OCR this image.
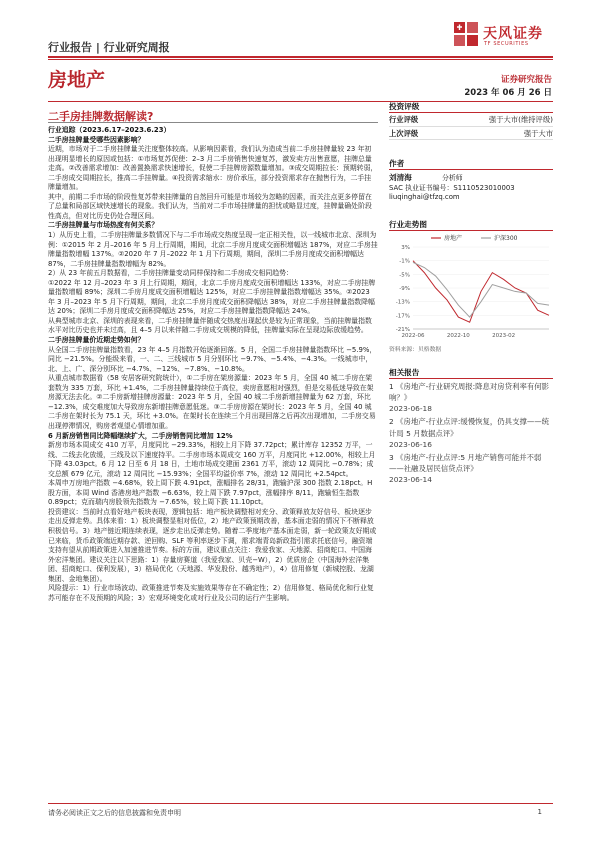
天风证券
TF SECURITIES
行业报告 | 行业研究周报
房地产	证券研究报告
2023 年 06 月 26 日
二手房挂牌数据解读?

行业追踪（2023.6.17–2023.6.23）

二手房挂牌量受哪些因素影响？

近期，市场对于二手房挂牌量关注度整体较高。从影响因素看，我们认为造成当前二手房挂牌量较 23 年初出现明显增长的原因或包括：①市场复苏促使：2–3 月二手房销售快速复苏，激发卖方出售意愿，挂牌总量走高。②改善需求增加：改善置换需求快速增长，促使二手挂牌房源数量增加。③成交周期拉长：预期转弱，二手房成交周期拉长，推高二手挂牌量。④投资需求缩水：房价承压，部分投资需求存在抛售行为，二手挂牌量增加。

其中，前期二手市场的阶段性复苏带来挂牌量的自然回升可能是市场较为忽略的因素，而关注点更多停留在了总量和局部区域快速增长的现象。我们认为，当前对二手市场挂牌量的担忧或略显过度，挂牌量确处阶段性高点，但对比历史仍处合理区间。

二手房挂牌量与市场热度有何关系？

1）从历史上看，二手房挂牌量多数情况下与二手市场成交热度呈现一定正相关性，以一线城市北京、深圳为例：①2015 年 2 月–2016 年 5 月上行周期，期间，北京二手房月度成交面积增幅达 187%，对应二手房挂牌量指数增幅 137%。②2020 年 7 月–2022 年 1 月下行周期，期间，深圳二手房月度成交面积增幅达 87%，二手房挂牌量指数增幅为 82%。

2）从 23 年前五月数据看，二手房挂牌量变动同样保持和二手房成交相同趋势：

①2022 年 12 月–2023 年 3 月上行周期，期间，北京二手房月度成交面积增幅达 133%，对应二手房挂牌量指数增幅 89%；深圳二手房月度成交面积增幅达 125%，对应二手房挂牌量指数增幅达 35%。②2023 年 3 月–2023 年 5 月下行周期，期间，北京二手房月度成交面积降幅达 38%，对应二手房挂牌量指数降幅达 20%；深圳二手房月度成交面积降幅达 25%，对应二手房挂牌量指数降幅达 24%。

从典型城市北京、深圳的表现来看，二手房挂牌量伴随成交热度出现起伏是较为正常现象，当前挂牌量指数水平对比历史也并未过高，且 4–5 月以来伴随二手房成交规模的降低，挂牌量实际在呈现边际放缓趋势。

二手房挂牌量价近期走势如何？

从全国二手房挂牌量指数看，23 年 4–5 月指数开始逐渐回落。5 月，全国二手房挂牌量指数环比 −5.9%，同比 −21.5%。分能级来看，一、二、三线城市 5 月分别环比 −9.7%、−5.4%、−4.3%。一线城市中，北、上、广、深分别环比 −4.7%、−12%、−7.8%、−10.8%。

从重点城市数据看（58 安居客研究院统计），①二手房在架房源量：2023 年 5 月，全国 40 城二手房在架套数为 335 万套，环比 +1.4%，二手房挂牌量持续位于高位，卖房意愿相对强烈，但是交易低迷导致在架房源无法去化。②二手房新增挂牌房源量：2023 年 5 月，全国 40 城二手房新增挂牌量为 62 万套，环比 −12.3%，成交难度加大导致房东新增挂牌意愿低迷。③二手房房源在架时长：2023 年 5 月，全国 40 城二手房在架时长为 75.1 天，环比 +3.0%。在架时长在连续三个月出现回落之后再次出现增加，二手房交易出现停滞情况，购房者观望心情增加重。

6 月新房销售同比降幅继续扩大，二手房销售同比增加 12%

新房市场本周成交 410 万平，月度同比 −29.33%，相较上月下降 37.72pct；累计库存 12352 万平，一线、二线去化放缓，三线及以下速度持平。二手房市场本周成交 160 万平，月度同比 +12.00%，相较上月下降 43.03pct。6 月 12 日至 6 月 18 日，土地市场成交建面 2361 万平，滚动 12 周同比 −0.78%；成交总额 679 亿元，滚动 12 周同比 −15.93%；全国平均溢价率 7%，滚动 12 周同比 +2.54pct。

本周申万房地产指数 −4.68%，较上周下跌 4.91pct，涨幅排名 28/31，跑输沪深 300 指数 2.18pct。H 股方面，本周 Wind 香港房地产指数 −6.63%，较上周下跌 7.97pct，涨幅排序 8/11，跑输恒生指数 0.89pct；克而瑞内房股领先指数为 −7.65%，较上周下跌 11.10pct。

投资建议：当前时点看好地产板块表现，逻辑包括：地产板块调整相对充分、政策释放友好信号、板块逐步走出反弹走势。具体来看：1）板块调整显相对低位，2）地产政策预期改善，基本面走弱的情况下不断释放积极信号。3）地产链近期连续表现，逐步走出反弹走势。随着二季度地产基本面走弱，新一轮政策友好期或已来临，货币政策端近期存款、逆回购、SLF 等利率逐步下调，需求端青岛新政指引需求托底信号，融资端支持有望从前期政策进入加速推进节奏。标的方面，建议重点关注：我爱我家、天地源、招商蛇口、中国海外宏洋集团。建议关注以下思路：1）存量房赛道（我爱我家、贝壳−W），2）优质房企（中国海外宏洋集团、招商蛇口、保利发展），3）格局优化（天地源、华发股份、越秀地产），4）信用修复（新城控股、龙湖集团、金地集团）。

风险提示：1）行业市场波动、政策推进节奏及实施效果等存在不确定性；2）信用修复、格局优化和行业复苏可能存在不及预期的风险；3）宏观环境变化或对行业及公司的运行产生影响。

投资评级
行业评级	强于大市(维持评级)
上次评级	强于大市
作者
刘清海	分析师
SAC 执业证书编号：S1110523010003
liuqinghai@tfzq.com
行业走势图
3%
-1%
-5%
-9%
-13%
-17%
-21%
2022-06	2022-10	2023-02
房地产	沪深300
资料来源：贝格数据
相关报告
1 《房地产-行业研究周报:降息对房贷利率有何影响？》
2023-06-18
2 《房地产-行业点评:缓慢恢复，仍具支撑——统计局 5 月数据点评》
2023-06-16
3 《房地产-行业点评:5 月地产销售可能并不弱——社融及居民信贷点评》
2023-06-14
请务必阅读正文之后的信息披露和免责申明	1
